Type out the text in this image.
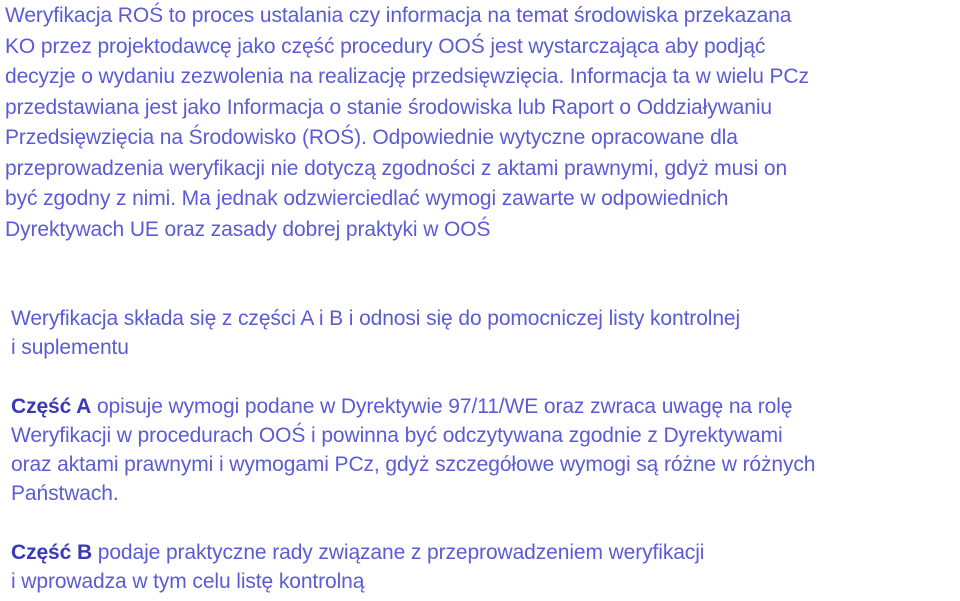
Weryfikacja ROŚ to proces ustalania czy informacja na temat środowiska przekazana
KO przez projektodawcę jako część procedury OOŚ jest wystarczająca aby podjąć
decyzje o wydaniu zezwolenia na realizację przedsięwzięcia. Informacja ta w wielu PCz
przedstawiana jest jako Informacja o stanie środowiska lub Raport o Oddziaływaniu
Przedsięwzięcia na Środowisko (ROŚ). Odpowiednie wytyczne opracowane dla
przeprowadzenia weryfikacji nie dotyczą zgodności z aktami prawnymi, gdyż musi on
być zgodny z nimi. Ma jednak odzwierciedlać wymogi zawarte w odpowiednich
Dyrektywach UE oraz zasady dobrej praktyki w OOŚ
Weryfikacja składa się z części A i B i odnosi się do pomocniczej listy kontrolnej
i suplementu
Część A opisuje wymogi podane w Dyrektywie 97/11/WE oraz zwraca uwagę na rolę
Weryfikacji w procedurach OOŚ i powinna być odczytywana zgodnie z Dyrektywami
oraz aktami prawnymi i wymogami PCz, gdyż szczegółowe wymogi są różne w różnych
Państwach.
Część B podaje praktyczne rady związane z przeprowadzeniem weryfikacji
i wprowadza w tym celu listę kontrolną
